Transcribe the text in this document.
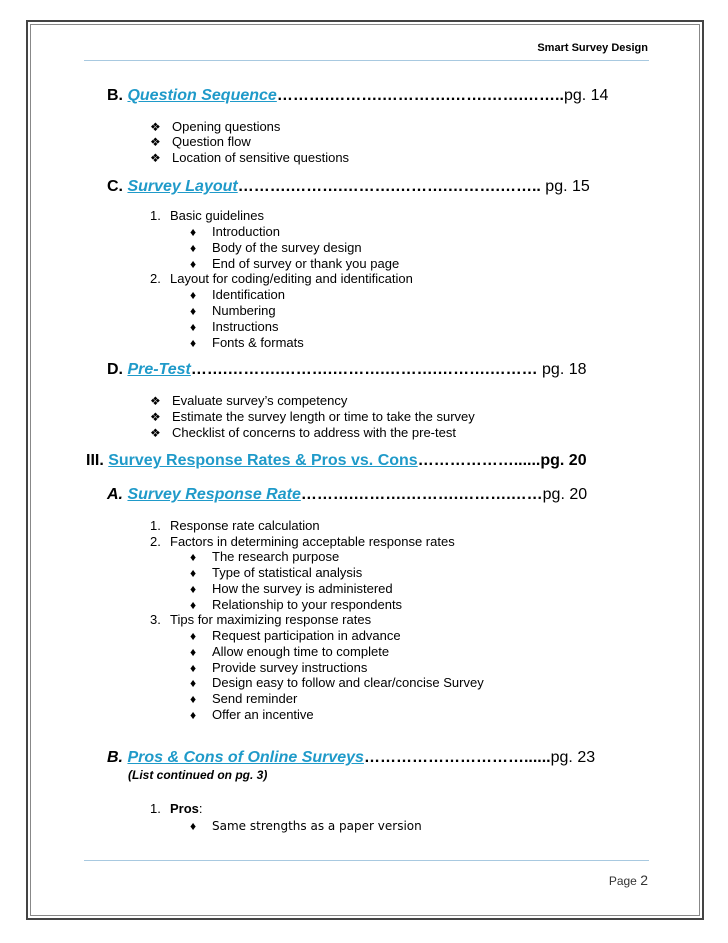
Smart Survey Design
B. Question Sequence……….……….………….…….…….……..pg. 14
❖ Opening questions
❖ Question flow
❖ Location of sensitive questions
C. Survey Layout……….……….……….……….……….…….. pg. 15
1. Basic guidelines
♦ Introduction
♦ Body of the survey design
♦ End of survey or thank you page
2. Layout for coding/editing and identification
♦ Identification
♦ Numbering
♦ Instructions
♦ Fonts & formats
D. Pre-Test…….……….……….……….……….……….……… pg. 18
❖ Evaluate survey’s competency
❖ Estimate the survey length or time to take the survey
❖ Checklist of concerns to address with the pre-test
III. Survey Response Rates & Pros vs. Cons………………......pg. 20
A. Survey Response Rate……….……….……….……….……pg. 20
1. Response rate calculation
2. Factors in determining acceptable response rates
♦ The research purpose
♦ Type of statistical analysis
♦ How the survey is administered
♦ Relationship to your respondents
3. Tips for maximizing response rates
♦ Request participation in advance
♦ Allow enough time to complete
♦ Provide survey instructions
♦ Design easy to follow and clear/concise Survey
♦ Send reminder
♦ Offer an incentive
B. Pros & Cons of Online Surveys…………………………......pg. 23
(List continued on pg. 3)
1. Pros:
♦ Same strengths as a paper version
Page 2
